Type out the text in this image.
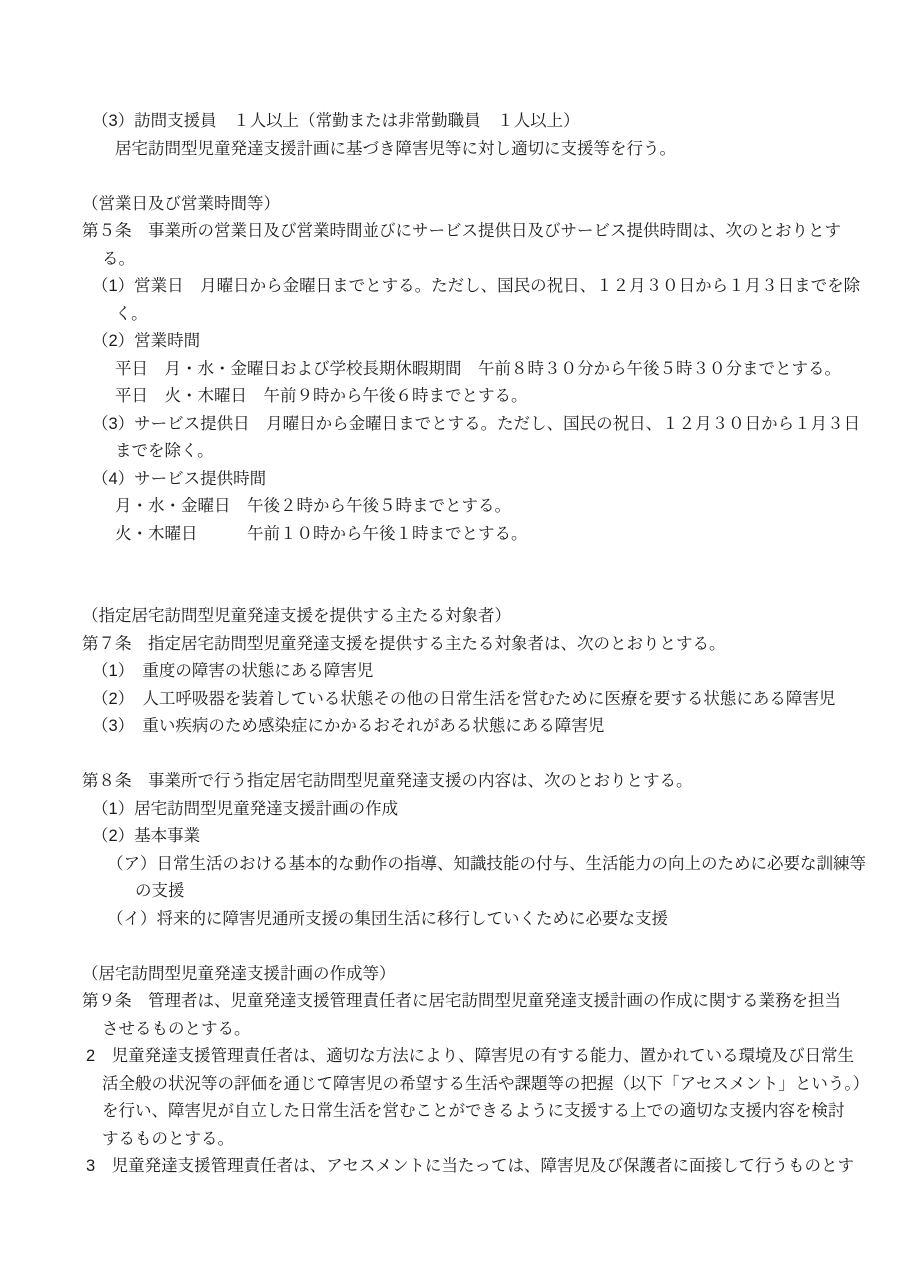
（3）訪問支援員　１人以上（常勤または非常勤職員　１人以上）
居宅訪問型児童発達支援計画に基づき障害児等に対し適切に支援等を行う。
（営業日及び営業時間等）
第５条　事業所の営業日及び営業時間並びにサービス提供日及びサービス提供時間は、次のとおりとす
る。
（1）営業日　月曜日から金曜日までとする。ただし、国民の祝日、１２月３０日から１月３日までを除
く。
（2）営業時間
平日　月・水・金曜日および学校長期休暇期間　午前８時３０分から午後５時３０分までとする。
平日　火・木曜日　午前９時から午後６時までとする。
（3）サービス提供日　月曜日から金曜日までとする。ただし、国民の祝日、１２月３０日から１月３日
までを除く。
（4）サービス提供時間
月・水・金曜日　午後２時から午後５時までとする。
火・木曜日　　　午前１０時から午後１時までとする。
（指定居宅訪問型児童発達支援を提供する主たる対象者）
第７条　指定居宅訪問型児童発達支援を提供する主たる対象者は、次のとおりとする。
（1）　重度の障害の状態にある障害児
（2）　人工呼吸器を装着している状態その他の日常生活を営むために医療を要する状態にある障害児
（3）　重い疾病のため感染症にかかるおそれがある状態にある障害児
第８条　事業所で行う指定居宅訪問型児童発達支援の内容は、次のとおりとする。
（1）居宅訪問型児童発達支援計画の作成
（2）基本事業
（ア）日常生活のおける基本的な動作の指導、知識技能の付与、生活能力の向上のために必要な訓練等
の支援
（イ）将来的に障害児通所支援の集団生活に移行していくために必要な支援
（居宅訪問型児童発達支援計画の作成等）
第９条　管理者は、児童発達支援管理責任者に居宅訪問型児童発達支援計画の作成に関する業務を担当
させるものとする。
2　児童発達支援管理責任者は、適切な方法により、障害児の有する能力、置かれている環境及び日常生
活全般の状況等の評価を通じて障害児の希望する生活や課題等の把握（以下「アセスメント」という。）
を行い、障害児が自立した日常生活を営むことができるように支援する上での適切な支援内容を検討
するものとする。
3　児童発達支援管理責任者は、アセスメントに当たっては、障害児及び保護者に面接して行うものとす
